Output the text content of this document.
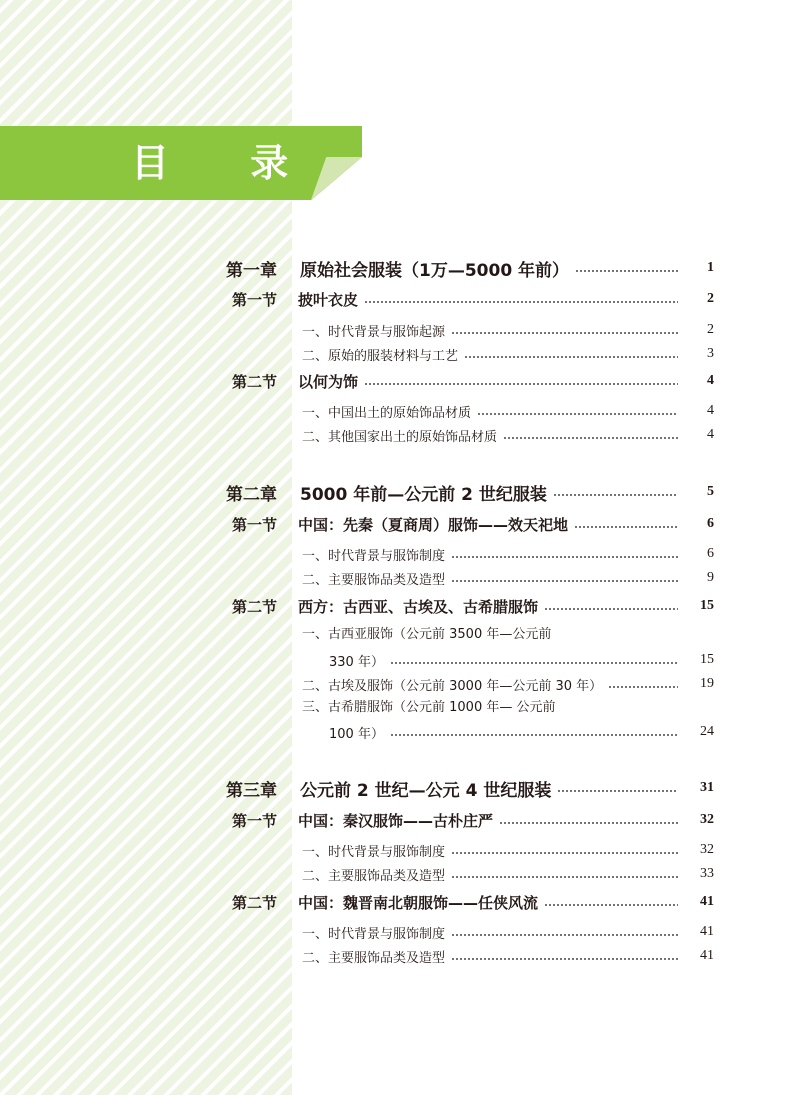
目 录
第一章	原始社会服装（1万—5000 年前）	1
第一节	披叶衣皮	2
一、时代背景与服饰起源	2
二、原始的服装材料与工艺	3
第二节	以何为饰	4
一、中国出土的原始饰品材质	4
二、其他国家出土的原始饰品材质	4
第二章	5000 年前—公元前 2 世纪服装	5
第一节	中国：先秦（夏商周）服饰——效天祀地	6
一、时代背景与服饰制度	6
二、主要服饰品类及造型	9
第二节	西方：古西亚、古埃及、古希腊服饰	15
一、古西亚服饰（公元前 3500 年—公元前
330 年）	15
二、古埃及服饰（公元前 3000 年—公元前 30 年）	19
三、古希腊服饰（公元前 1000 年— 公元前
100 年）	24
第三章	公元前 2 世纪—公元 4 世纪服装	31
第一节	中国：秦汉服饰——古朴庄严	32
一、时代背景与服饰制度	32
二、主要服饰品类及造型	33
第二节	中国：魏晋南北朝服饰——任侠风流	41
一、时代背景与服饰制度	41
二、主要服饰品类及造型	41
